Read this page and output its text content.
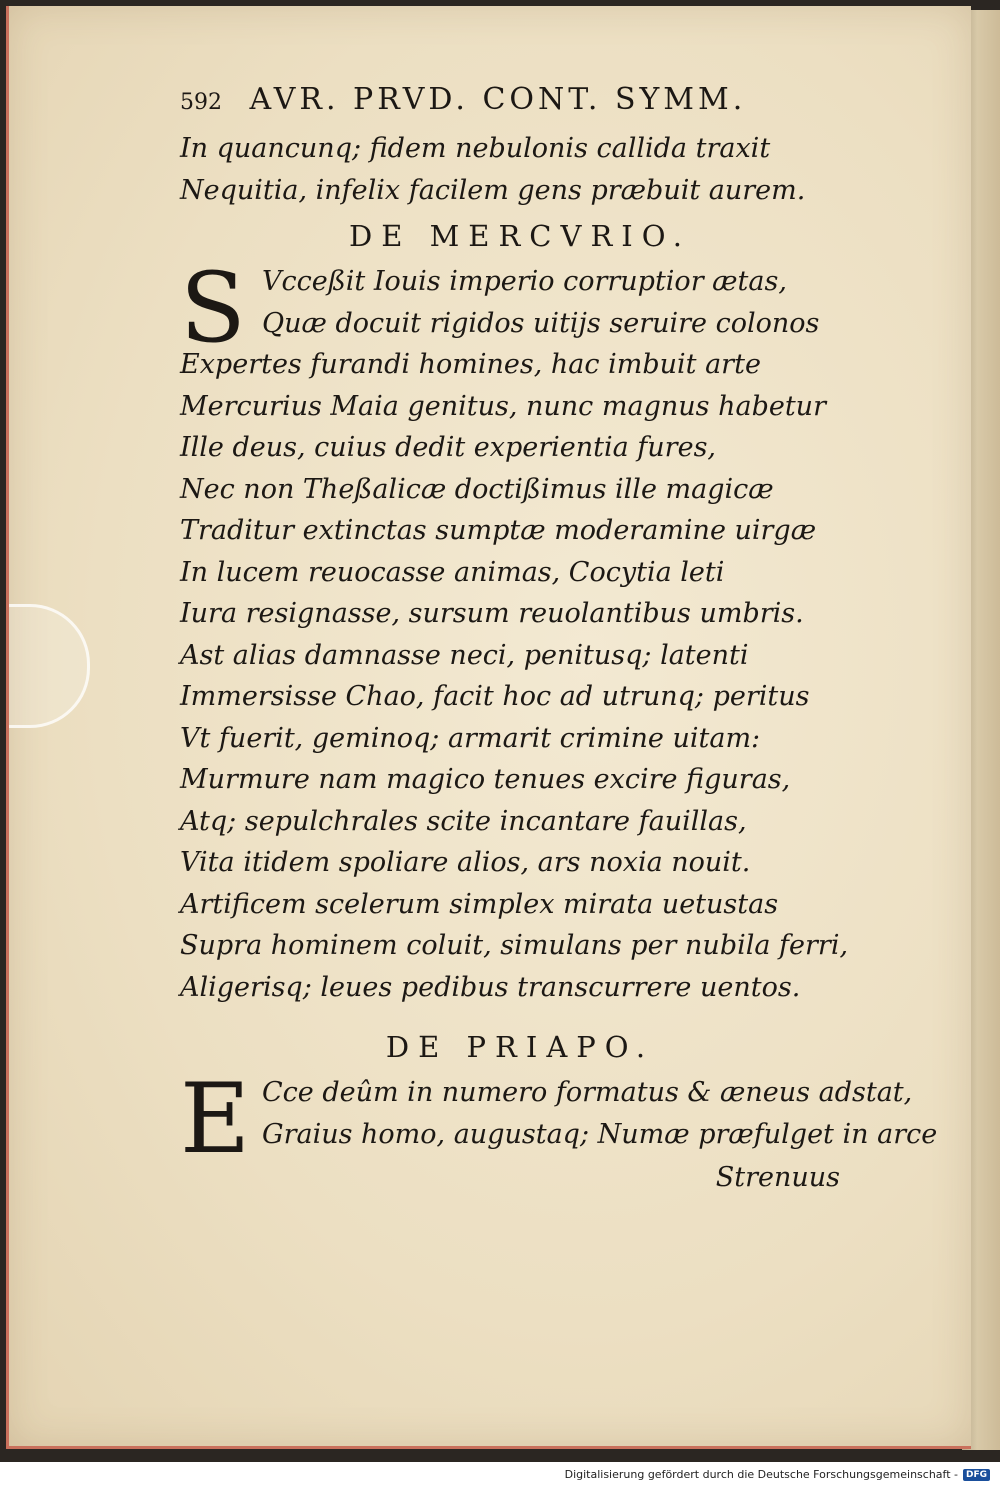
592 AVR. PRVD. CONT. SYMM.
In quancunq; fidem nebulonis callida traxit
Nequitia, infelix facilem gens præbuit aurem.
DE MERCVRIO.
S Vcceßit Iouis imperio corruptior ætas,
Quæ docuit rigidos uitijs seruire colonos
Expertes furandi homines, hac imbuit arte
Mercurius Maia genitus, nunc magnus habetur
Ille deus, cuius dedit experientia fures,
Nec non Theßalicæ doctißimus ille magicæ
Traditur extinctas sumptæ moderamine uirgæ
In lucem reuocasse animas, Cocytia leti
Iura resignasse, sursum reuolantibus umbris.
Ast alias damnasse neci, penitusq; latenti
Immersisse Chao, facit hoc ad utrunq; peritus
Vt fuerit, geminoq; armarit crimine uitam:
Murmure nam magico tenues excire figuras,
Atq; sepulchrales scite incantare fauillas,
Vita itidem spoliare alios, ars noxia nouit.
Artificem scelerum simplex mirata uetustas
Supra hominem coluit, simulans per nubila ferri,
Aligerisq; leues pedibus transcurrere uentos.
DE PRIAPO.
E Cce deûm in numero formatus & æneus adstat,
Graius homo, augustaq; Numæ præfulget in arce
Strenuus
Digitalisierung gefördert durch die Deutsche Forschungsgemeinschaft - DFG
